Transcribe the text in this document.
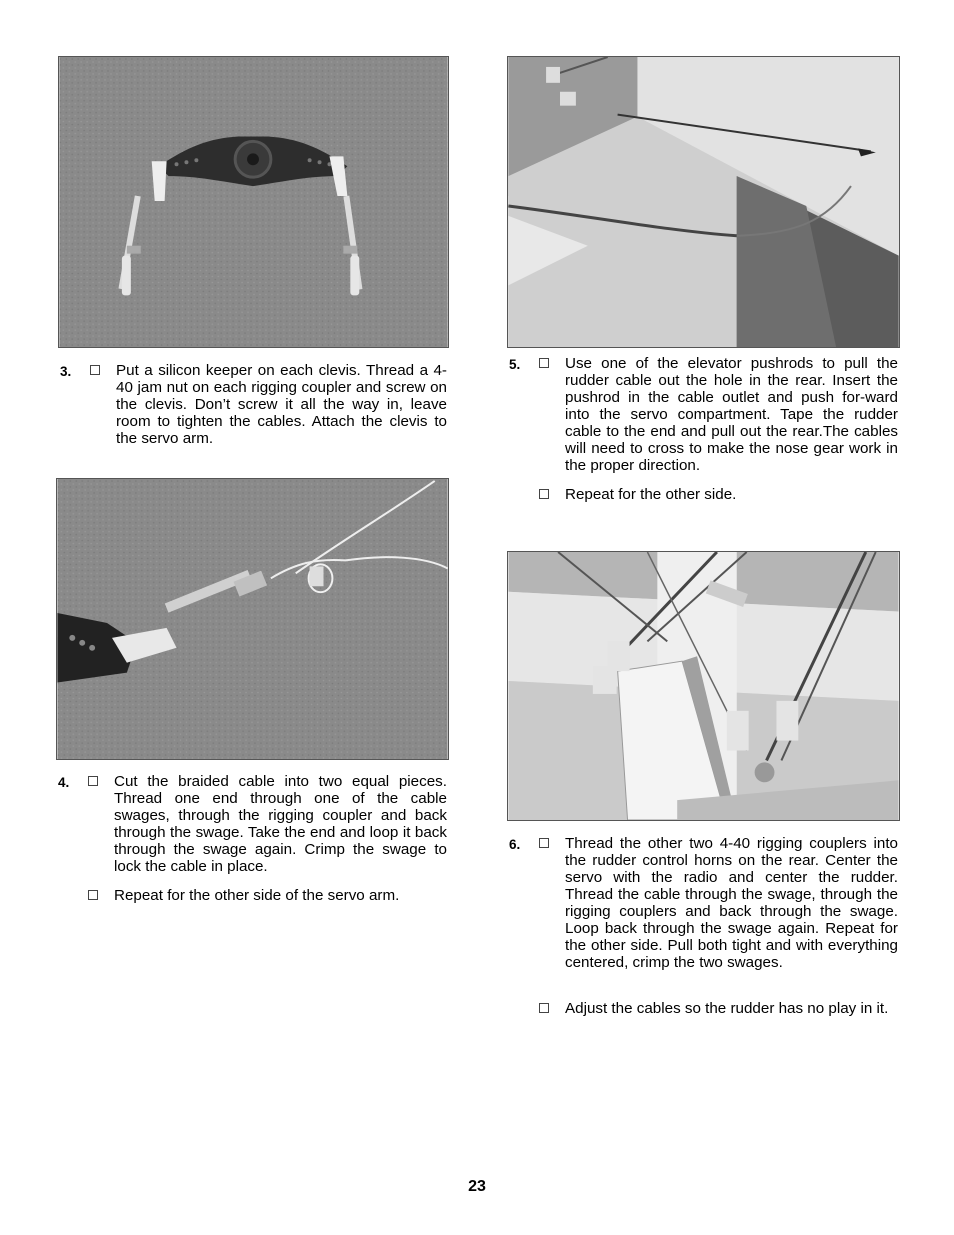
3.	Put a silicon keeper on each clevis. Thread a 4-40 jam nut on each rigging coupler and screw on the clevis. Don’t screw it all the way in, leave room to tighten the cables. Attach the clevis to the servo arm.
4.	Cut the braided cable into two equal pieces. Thread one end through one of the cable swages, through the rigging coupler and back through the swage. Take the end and loop it back through the swage again. Crimp the swage to lock the cable in place.
Repeat for the other side of the servo arm.
5.	Use one of the elevator pushrods to pull the rudder cable out the hole in the rear. Insert the pushrod in the cable outlet and push for-ward into the servo compartment. Tape the rudder cable to the end and pull out the rear.The cables will need to cross to make the nose gear work in the proper direction.
Repeat for the other side.
6.	Thread the other two 4-40 rigging couplers into the rudder control horns on the rear. Center the servo with the radio and center the rudder. Thread the cable through the swage, through the rigging couplers and back through the swage. Loop back through the swage again. Repeat for the other side. Pull both tight and with everything centered, crimp the two swages.
Adjust the cables so the rudder has no play in it.
23
